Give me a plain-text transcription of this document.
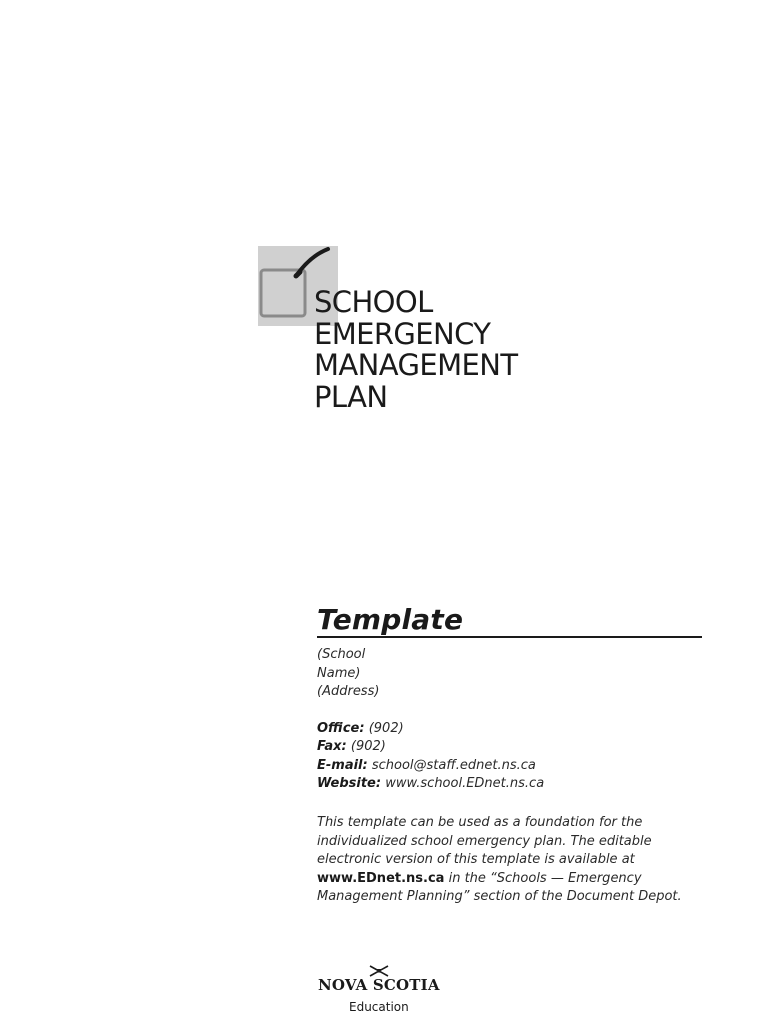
SCHOOL
EMERGENCY
MANAGEMENT
PLAN
Template
(School
Name)
(Address)
Office: (902)
Fax: (902)
E-mail: school@staff.ednet.ns.ca
Website: www.school.EDnet.ns.ca
This template can be used as a foundation for the
individualized school emergency plan. The editable
electronic version of this template is available at
www.EDnet.ns.ca in the “Schools — Emergency
Management Planning” section of the Document Depot.
NOVA SCOTIA
Education
